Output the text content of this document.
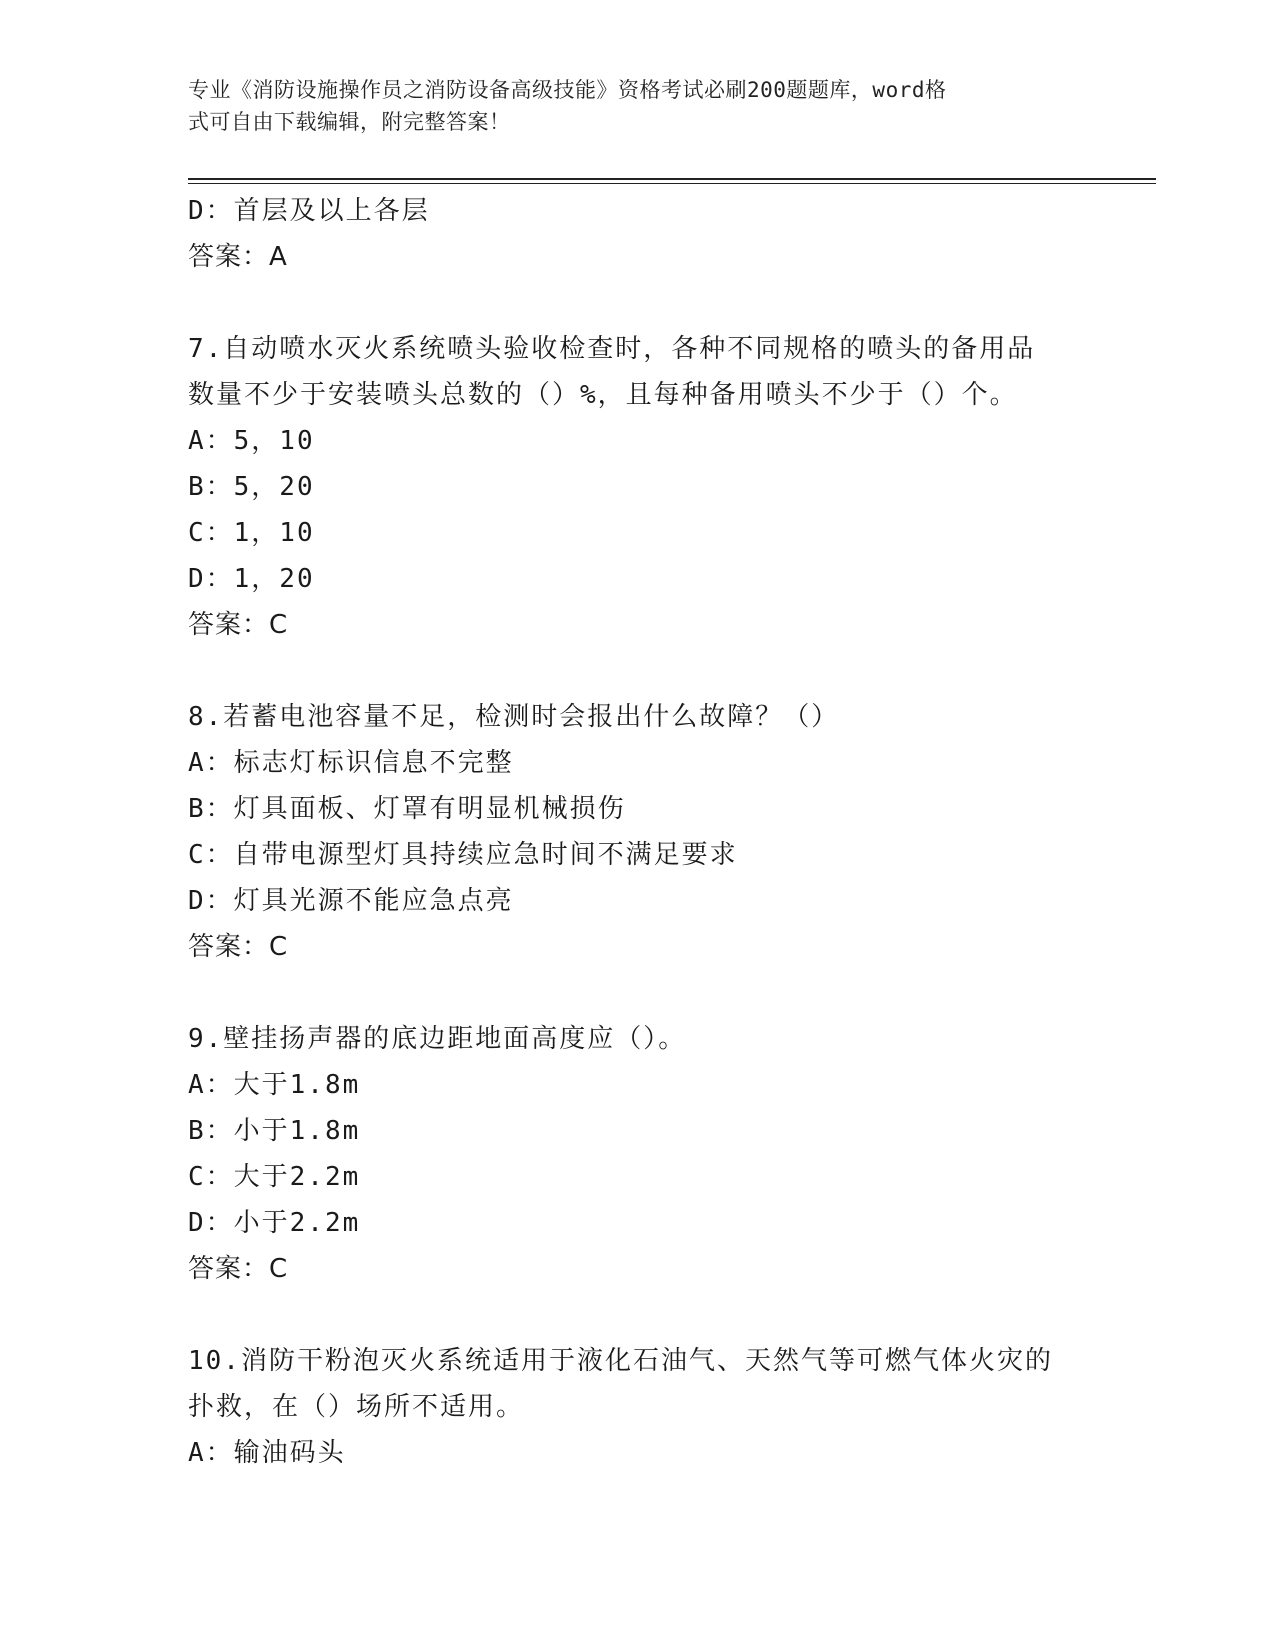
专业《消防设施操作员之消防设备高级技能》资格考试必刷200题题库，word格
式可自由下载编辑，附完整答案！
D：首层及以上各层
答案：A
7.自动喷水灭火系统喷头验收检查时，各种不同规格的喷头的备用品
数量不少于安装喷头总数的（）%，且每种备用喷头不少于（）个。
A：5，10
B：5，20
C：1，10
D：1，20
答案：C
8.若蓄电池容量不足，检测时会报出什么故障？（）
A：标志灯标识信息不完整
B：灯具面板、灯罩有明显机械损伤
C：自带电源型灯具持续应急时间不满足要求
D：灯具光源不能应急点亮
答案：C
9.壁挂扬声器的底边距地面高度应（）。
A：大于1.8m
B：小于1.8m
C：大于2.2m
D：小于2.2m
答案：C
10.消防干粉泡灭火系统适用于液化石油气、天然气等可燃气体火灾的
扑救，在（）场所不适用。
A：输油码头
